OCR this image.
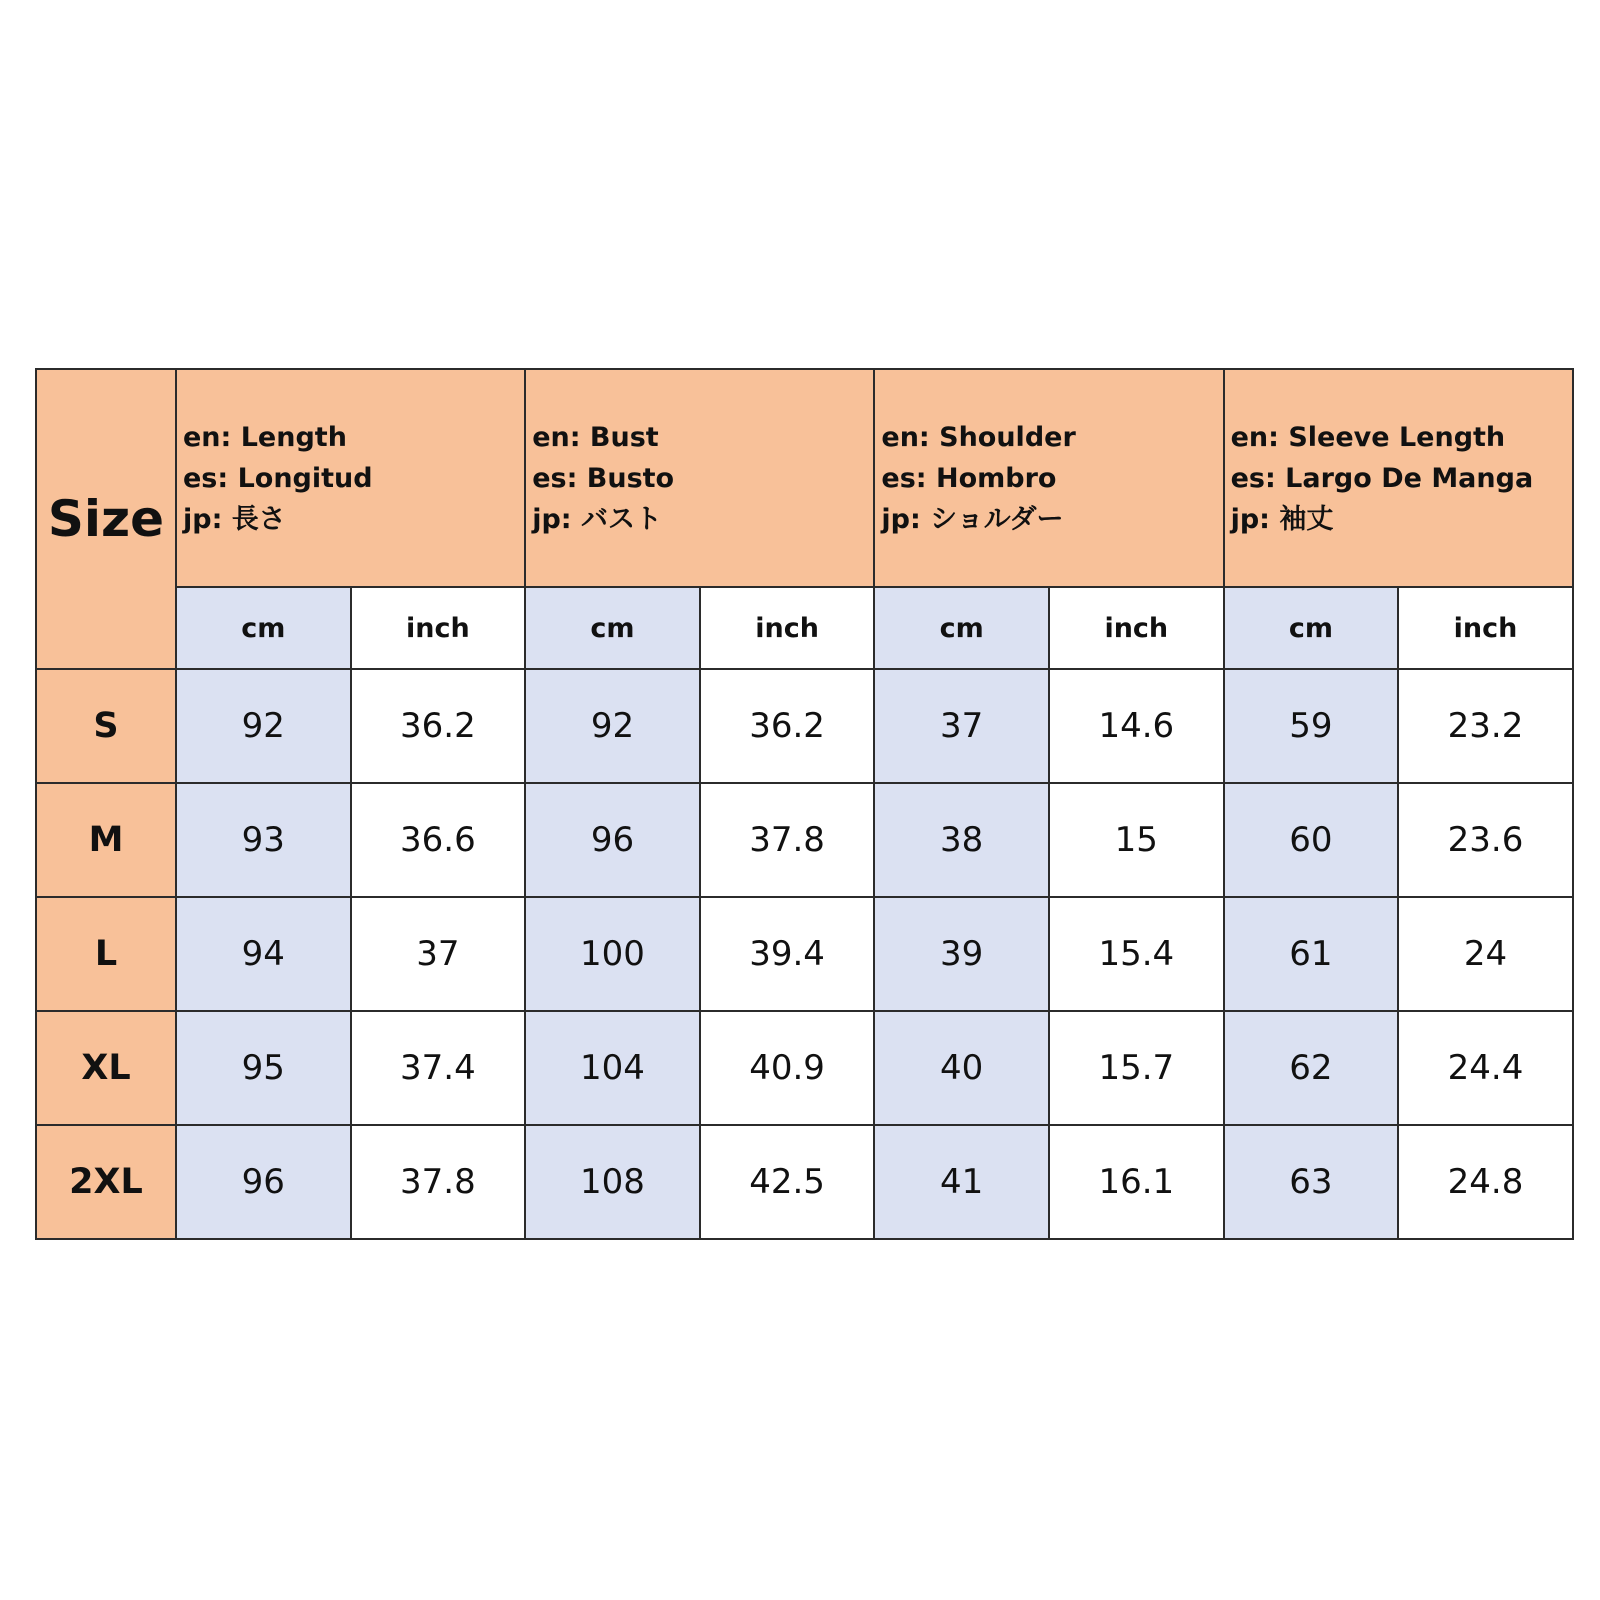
Size	en: Length
es: Longitud
jp: 長さ		en: Bust
es: Busto
jp: バスト		en: Shoulder
es: Hombro
jp: ショルダー		en: Sleeve Length
es: Largo De Manga
jp: 袖丈	

	cm	inch	cm	inch	cm	inch	cm	inch
S	92	36.2	92	36.2	37	14.6	59	23.2
M	93	36.6	96	37.8	38	15	60	23.6
L	94	37	100	39.4	39	15.4	61	24
XL	95	37.4	104	40.9	40	15.7	62	24.4
2XL	96	37.8	108	42.5	41	16.1	63	24.8
